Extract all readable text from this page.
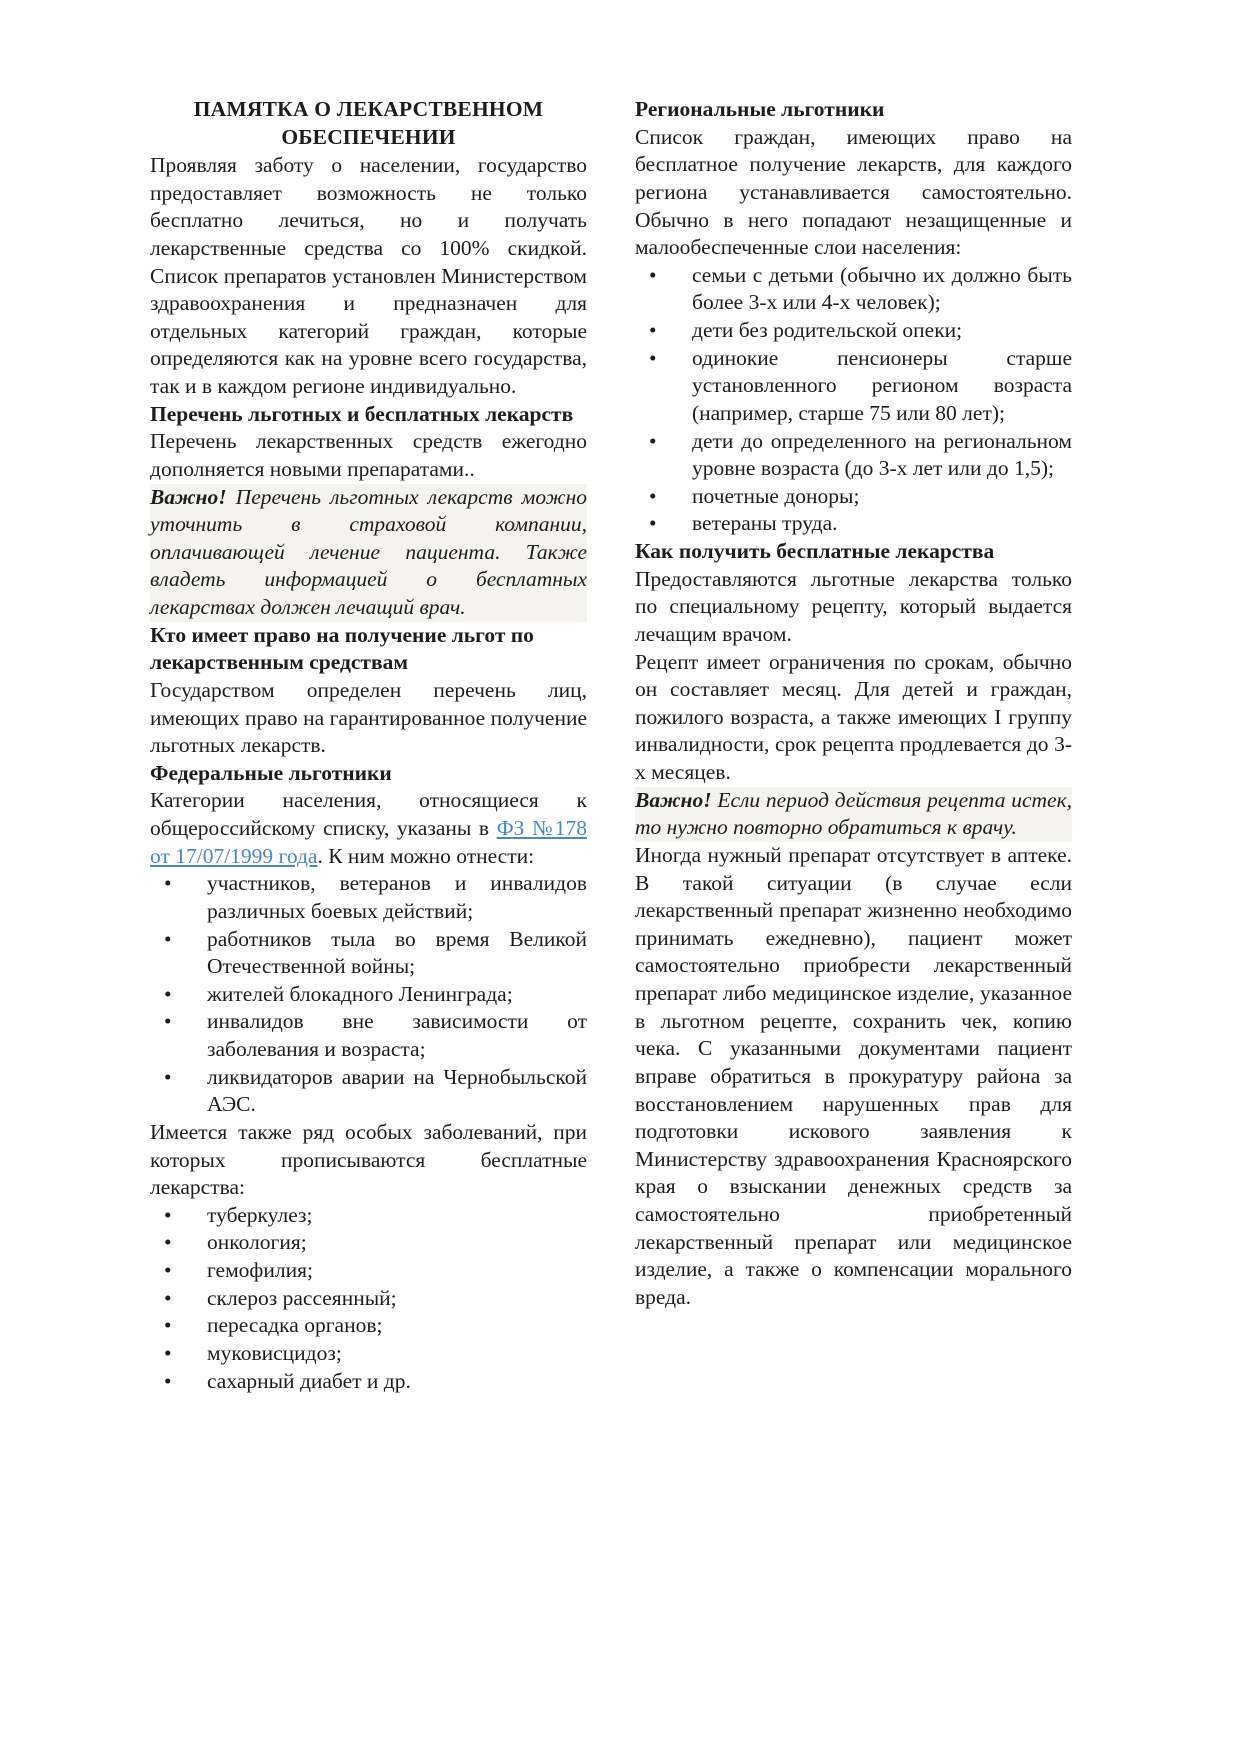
ПАМЯТКА О ЛЕКАРСТВЕННОМ ОБЕСПЕЧЕНИИ

Проявляя заботу о населении, государство предоставляет возможность не только бесплатно лечиться, но и получать лекарственные средства со 100% скидкой. Список препаратов установлен Министерством здравоохранения и предназначен для отдельных категорий граждан, которые определяются как на уровне всего государства, так и в каждом регионе индивидуально.

Перечень льготных и бесплатных лекарств

Перечень лекарственных средств ежегодно дополняется новыми препаратами..

Важно! Перечень льготных лекарств можно уточнить в страховой компании, оплачивающей лечение пациента. Также владеть информацией о бесплатных лекарствах должен лечащий врач.

Кто имеет право на получение льгот по лекарственным средствам

Государством определен перечень лиц, имеющих право на гарантированное получение льготных лекарств.

Федеральные льготники

Категории населения, относящиеся к общероссийскому списку, указаны в ФЗ №178 от 17/07/1999 года. К ним можно отнести:

• участников, ветеранов и инвалидов различных боевых действий;
• работников тыла во время Великой Отечественной войны;
• жителей блокадного Ленинграда;
• инвалидов вне зависимости от заболевания и возраста;
• ликвидаторов аварии на Чернобыльской АЭС.

Имеется также ряд особых заболеваний, при которых прописываются бесплатные лекарства:

• туберкулез;
• онкология;
• гемофилия;
• склероз рассеянный;
• пересадка органов;
• муковисцидоз;
• сахарный диабет и др.
Региональные льготники

Список граждан, имеющих право на бесплатное получение лекарств, для каждого региона устанавливается самостоятельно. Обычно в него попадают незащищенные и малообеспеченные слои населения:

• семьи с детьми (обычно их должно быть более 3-х или 4-х человек);
• дети без родительской опеки;
• одинокие пенсионеры старше установленного регионом возраста (например, старше 75 или 80 лет);
• дети до определенного на региональном уровне возраста (до 3-х лет или до 1,5);
• почетные доноры;
• ветераны труда.
Как получить бесплатные лекарства

Предоставляются льготные лекарства только по специальному рецепту, который выдается лечащим врачом.

Рецепт имеет ограничения по срокам, обычно он составляет месяц. Для детей и граждан, пожилого возраста, а также имеющих I группу инвалидности, срок рецепта продлевается до 3-х месяцев.

Важно! Если период действия рецепта истек, то нужно повторно обратиться к врачу.

Иногда нужный препарат отсутствует в аптеке. В такой ситуации (в случае если лекарственный препарат жизненно необходимо принимать ежедневно), пациент может самостоятельно приобрести лекарственный препарат либо медицинское изделие, указанное в льготном рецепте, сохранить чек, копию чека. С указанными документами пациент вправе обратиться в прокуратуру района за восстановлением нарушенных прав для подготовки искового заявления к Министерству здравоохранения Красноярского края о взыскании денежных средств за самостоятельно приобретенный лекарственный препарат или медицинское изделие, а также о компенсации морального вреда.
